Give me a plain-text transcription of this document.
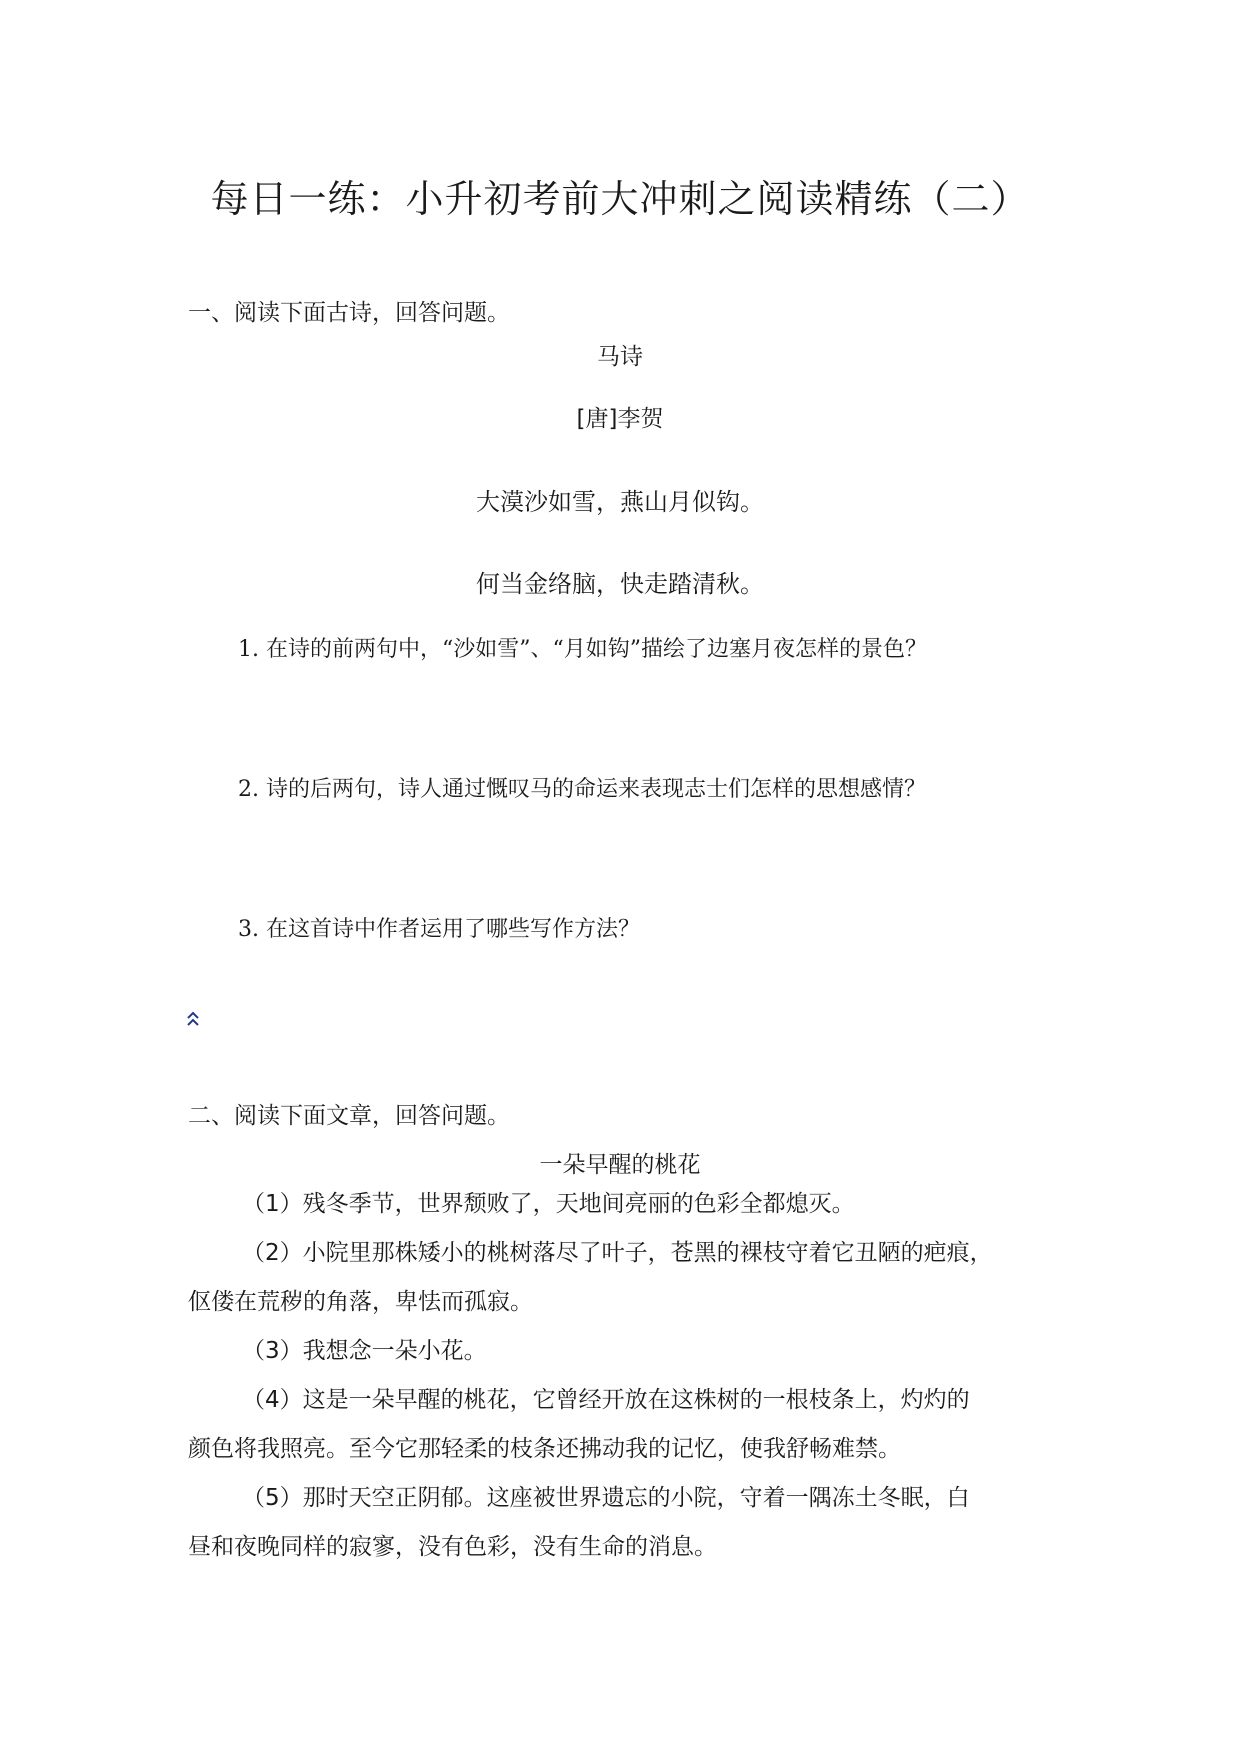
每日一练：小升初考前大冲刺之阅读精练（二）
一、阅读下面古诗，回答问题。
马诗
[唐]李贺
大漠沙如雪，燕山月似钩。
何当金络脑，快走踏清秋。
1. 在诗的前两句中，“沙如雪”、“月如钩”描绘了边塞月夜怎样的景色？
2. 诗的后两句，诗人通过慨叹马的命运来表现志士们怎样的思想感情？
3. 在这首诗中作者运用了哪些写作方法？
二、阅读下面文章，回答问题。
一朵早醒的桃花
（1）残冬季节，世界颓败了，天地间亮丽的色彩全都熄灭。
（2）小院里那株矮小的桃树落尽了叶子，苍黑的裸枝守着它丑陋的疤痕，
伛偻在荒秽的角落，卑怯而孤寂。
（3）我想念一朵小花。
（4）这是一朵早醒的桃花，它曾经开放在这株树的一根枝条上，灼灼的
颜色将我照亮。至今它那轻柔的枝条还拂动我的记忆，使我舒畅难禁。
（5）那时天空正阴郁。这座被世界遗忘的小院，守着一隅冻土冬眠，白
昼和夜晚同样的寂寥，没有色彩，没有生命的消息。
